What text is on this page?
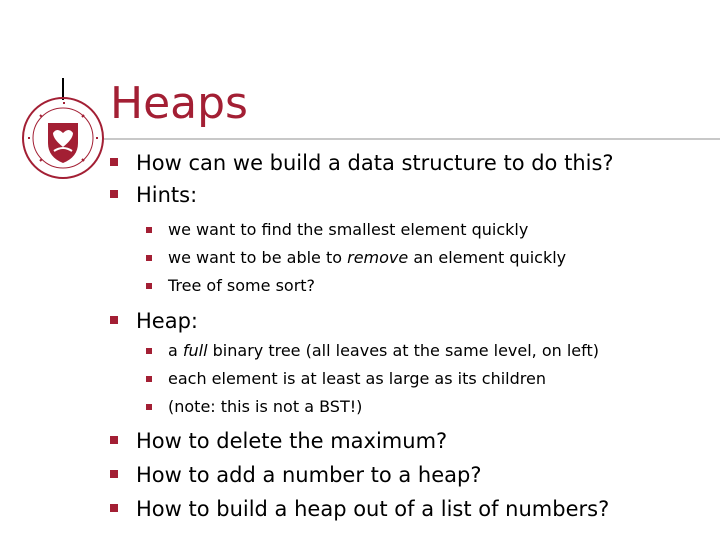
Heaps
How can we build a data structure to do this?
Hints:
we want to find the smallest element quickly
we want to be able to remove an element quickly
Tree of some sort?
Heap:
a full binary tree (all leaves at the same level, on left)
each element is at least as large as its children
(note: this is not a BST!)
How to delete the maximum?
How to add a number to a heap?
How to build a heap out of a list of numbers?
